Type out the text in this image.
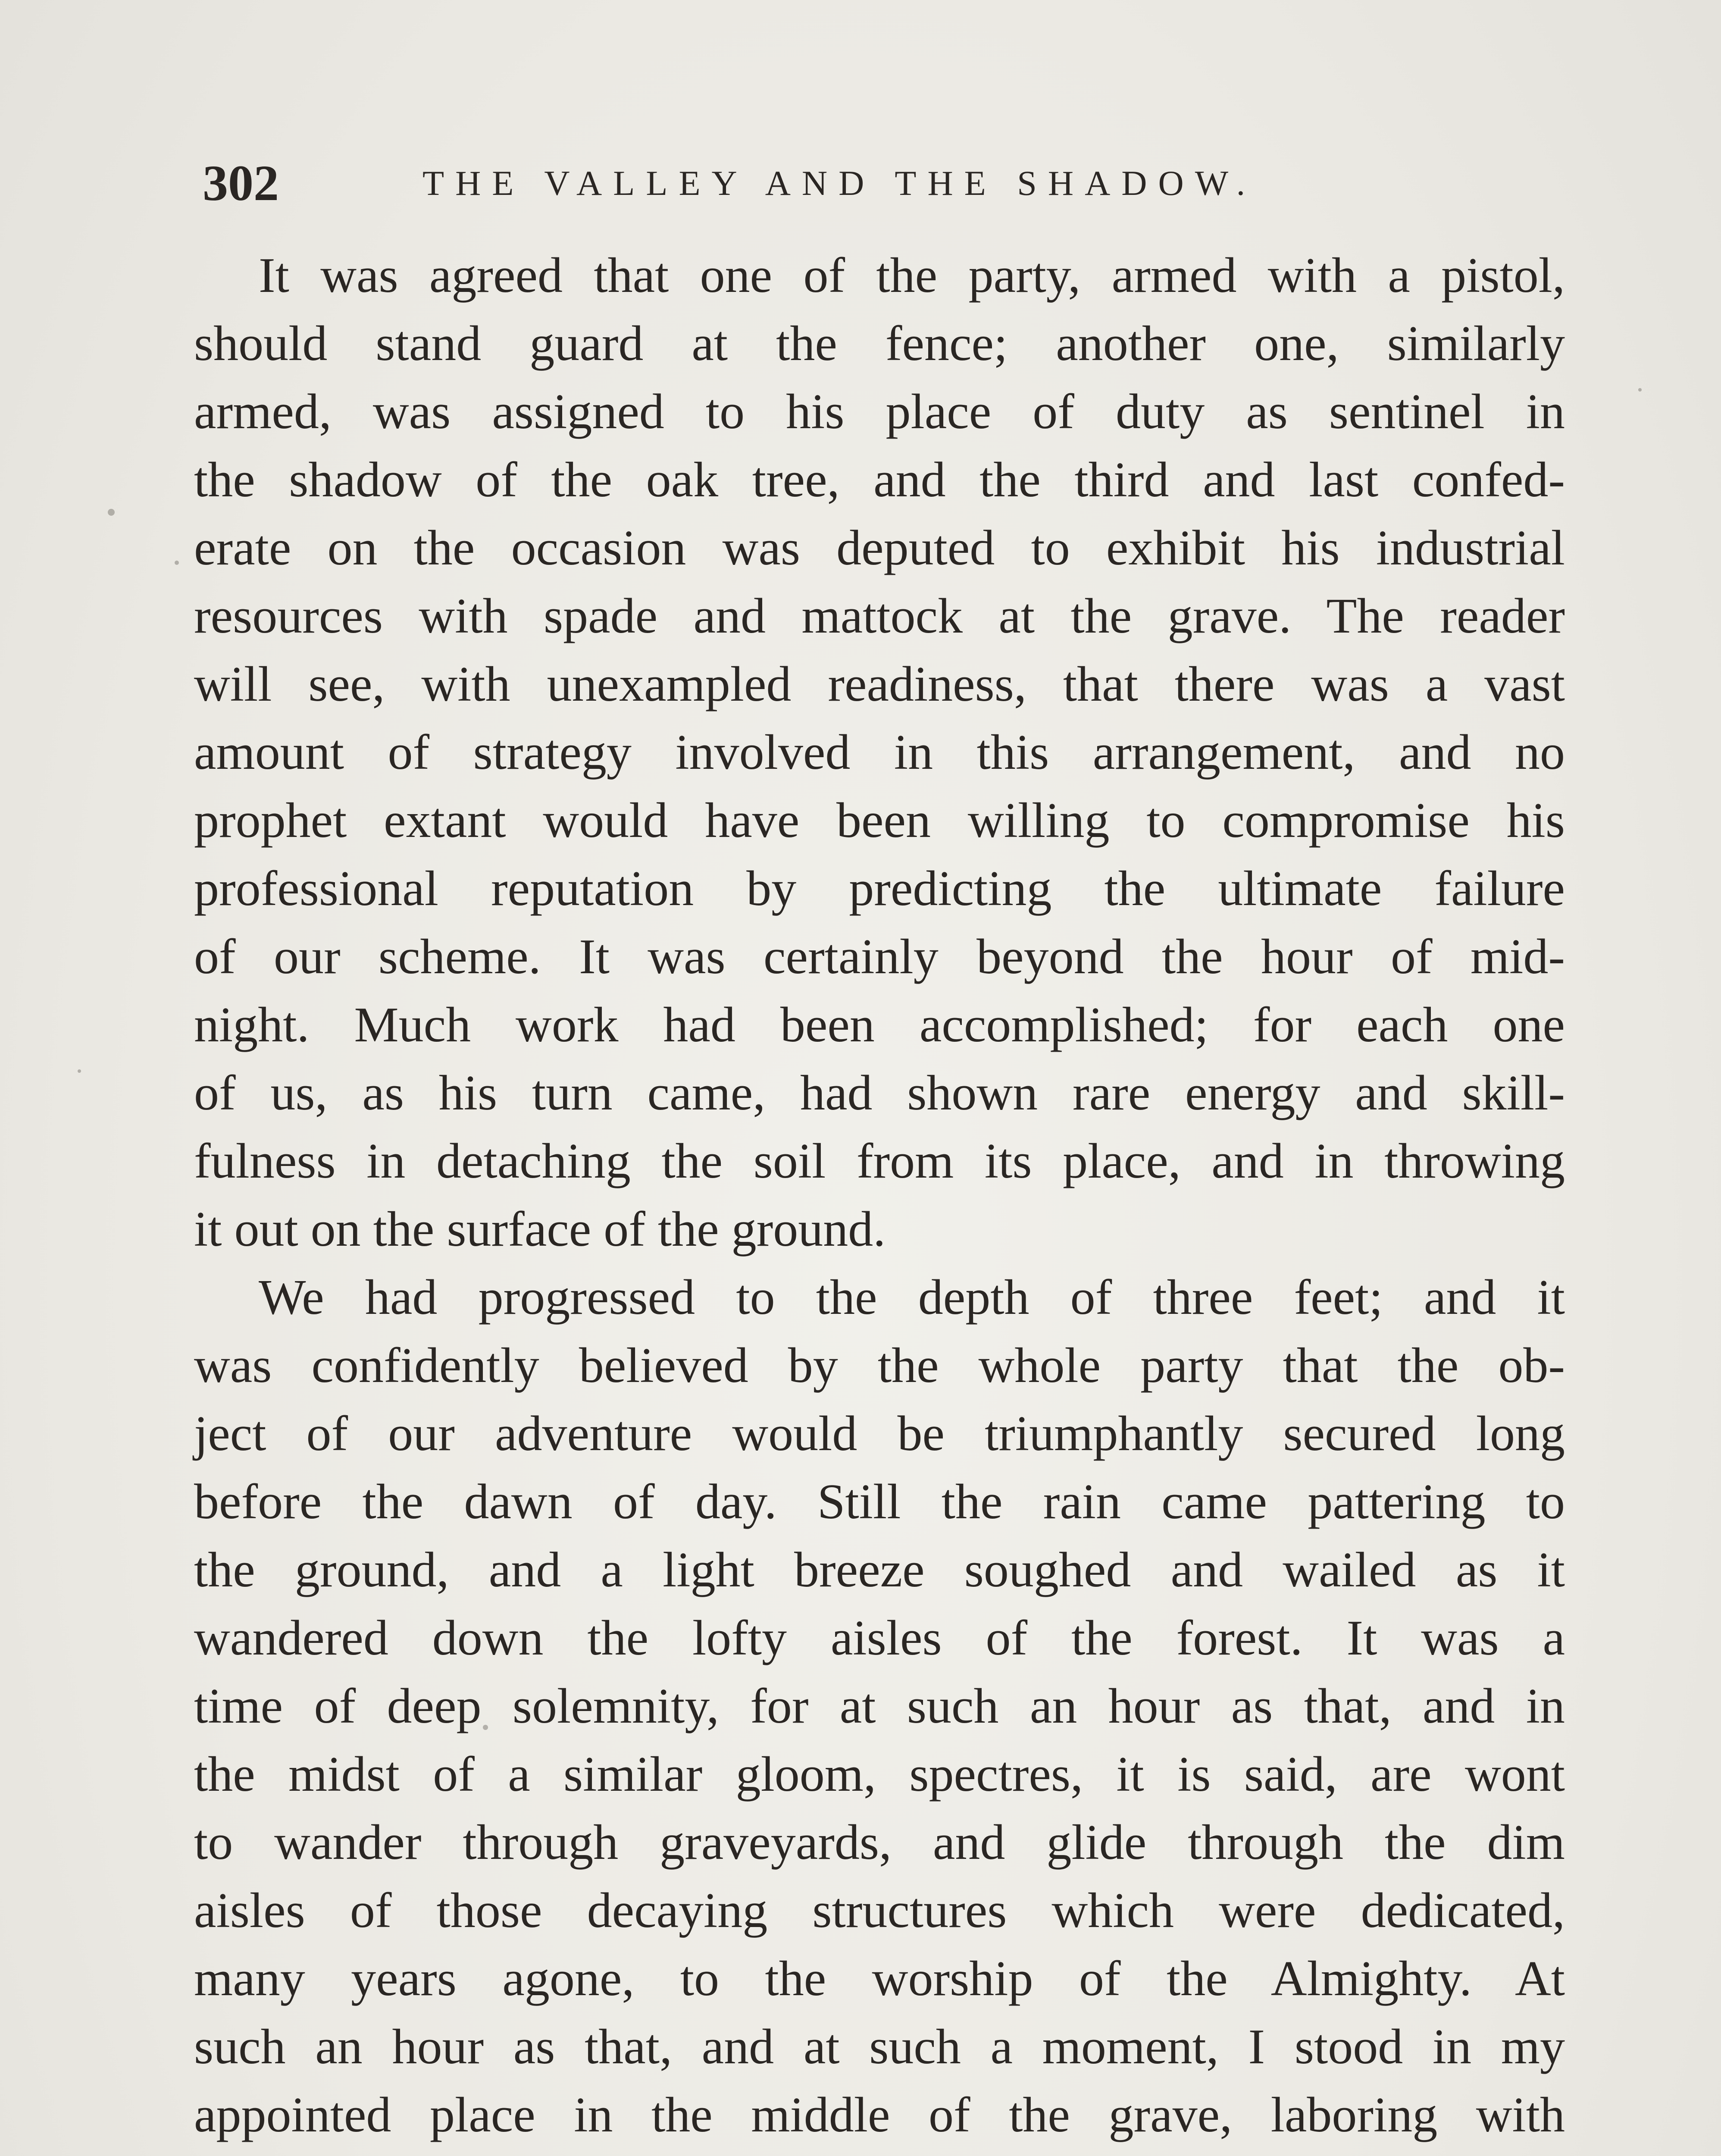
302	THE VALLEY AND THE SHADOW.
It was agreed that one of the party, armed with a pistol,
should stand guard at the fence; another one, similarly
armed, was assigned to his place of duty as sentinel in
the shadow of the oak tree, and the third and last confed-
erate on the occasion was deputed to exhibit his industrial
resources with spade and mattock at the grave. The reader
will see, with unexampled readiness, that there was a vast
amount of strategy involved in this arrangement, and no
prophet extant would have been willing to compromise his
professional reputation by predicting the ultimate failure
of our scheme. It was certainly beyond the hour of mid-
night. Much work had been accomplished; for each one
of us, as his turn came, had shown rare energy and skill-
fulness in detaching the soil from its place, and in throwing
it out on the surface of the ground.
We had progressed to the depth of three feet; and it
was confidently believed by the whole party that the ob-
ject of our adventure would be triumphantly secured long
before the dawn of day. Still the rain came pattering to
the ground, and a light breeze soughed and wailed as it
wandered down the lofty aisles of the forest. It was a
time of deep solemnity, for at such an hour as that, and in
the midst of a similar gloom, spectres, it is said, are wont
to wander through graveyards, and glide through the dim
aisles of those decaying structures which were dedicated,
many years agone, to the worship of the Almighty. At
such an hour as that, and at such a moment, I stood in my
appointed place in the middle of the grave, laboring with
